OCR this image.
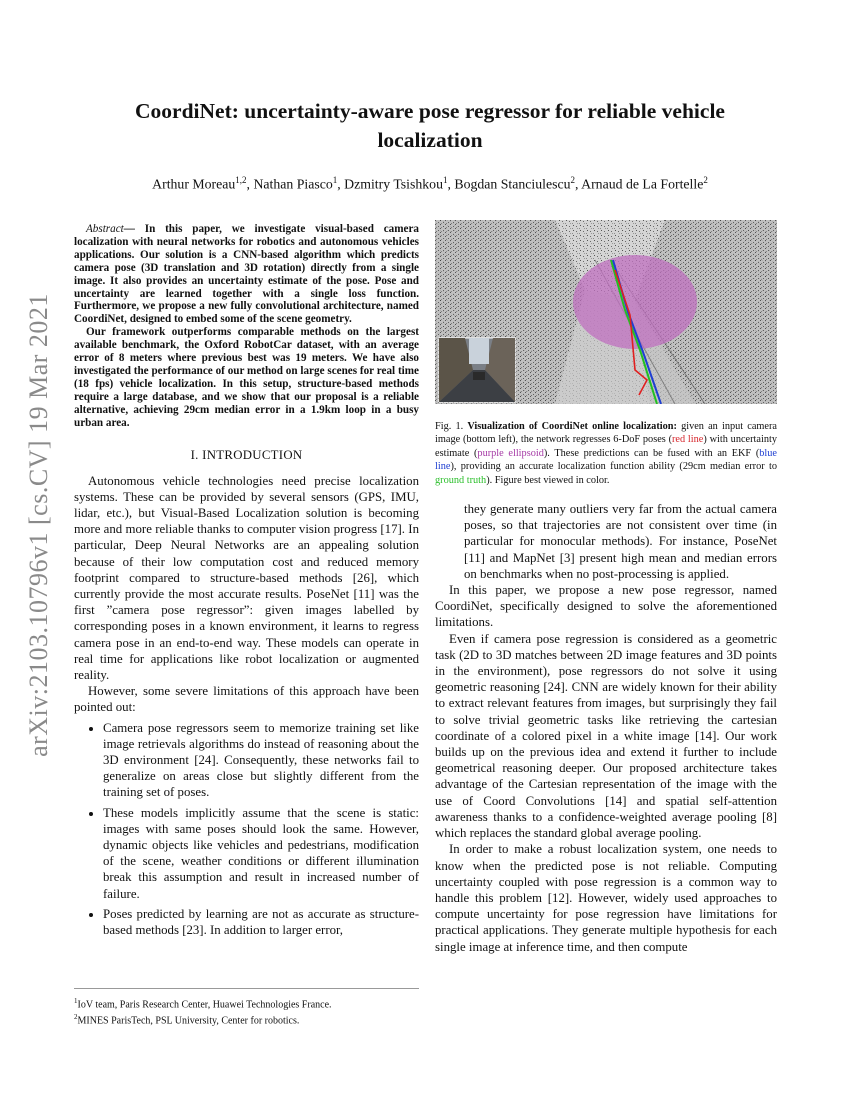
arXiv:2103.10796v1 [cs.CV] 19 Mar 2021
CoordiNet: uncertainty-aware pose regressor for reliable vehicle localization
Arthur Moreau$^{1,2}$, Nathan Piasco$^1$, Dzmitry Tsishkou$^1$, Bogdan Stanciulescu$^2$, Arnaud de La Fortelle$^2$

Abstract— In this paper, we investigate visual-based camera localization with neural networks for robotics and autonomous vehicles applications. Our solution is a CNN-based algorithm which predicts camera pose (3D translation and 3D rotation) directly from a single image. It also provides an uncertainty estimate of the pose. Pose and uncertainty are learned together with a single loss function. Furthermore, we propose a new fully convolutional architecture, named CoordiNet, designed to embed some of the scene geometry.

Our framework outperforms comparable methods on the largest available benchmark, the Oxford RobotCar dataset, with an average error of 8 meters where previous best was 19 meters. We have also investigated the performance of our method on large scenes for real time (18 fps) vehicle localization. In this setup, structure-based methods require a large database, and we show that our proposal is a reliable alternative, achieving 29cm median error in a 1.9km loop in a busy urban area.

I. INTRODUCTION

Autonomous vehicle technologies need precise localization systems. These can be provided by several sensors (GPS, IMU, lidar, etc.), but Visual-Based Localization solution is becoming more and more reliable thanks to computer vision progress [17]. In particular, Deep Neural Networks are an appealing solution because of their low computation cost and reduced memory footprint compared to structure-based methods [26], which currently provide the most accurate results. PoseNet [11] was the first ”camera pose regressor”: given images labelled by corresponding poses in a known environment, it learns to regress camera pose in an end-to-end way. These models can operate in real time for applications like robot localization or augmented reality.

However, some severe limitations of this approach have been pointed out:

• Camera pose regressors seem to memorize training set like image retrievals algorithms do instead of reasoning about the 3D environment [24]. Consequently, these networks fail to generalize on areas close but slightly different from the training set of poses.
• These models implicitly assume that the scene is static: images with same poses should look the same. However, dynamic objects like vehicles and pedestrians, modification of the scene, weather conditions or different illumination break this assumption and result in increased number of failure.
• Poses predicted by learning are not as accurate as structure-based methods [23]. In addition to larger error,
$^1$IoV team, Paris Research Center, Huawei Technologies France.
$^2$MINES ParisTech, PSL University, Center for robotics.
Fig. 1. Visualization of CoordiNet online localization: given an input camera image (bottom left), the network regresses 6-DoF poses (red line) with uncertainty estimate (purple ellipsoid). These predictions can be fused with an EKF (blue line), providing an accurate localization function ability (29cm median error to ground truth). Figure best viewed in color.
they generate many outliers very far from the actual camera poses, so that trajectories are not consistent over time (in particular for monocular methods). For instance, PoseNet [11] and MapNet [3] present high mean and median errors on benchmarks when no post-processing is applied.

In this paper, we propose a new pose regressor, named CoordiNet, specifically designed to solve the aforementioned limitations.

Even if camera pose regression is considered as a geometric task (2D to 3D matches between 2D image features and 3D points in the environment), pose regressors do not solve it using geometric reasoning [24]. CNN are widely known for their ability to extract relevant features from images, but surprisingly they fail to solve trivial geometric tasks like retrieving the cartesian coordinate of a colored pixel in a white image [14]. Our work builds up on the previous idea and extend it further to include geometrical reasoning deeper. Our proposed architecture takes advantage of the Cartesian representation of the image with the use of Coord Convolutions [14] and spatial self-attention awareness thanks to a confidence-weighted average pooling [8] which replaces the standard global average pooling.

In order to make a robust localization system, one needs to know when the predicted pose is not reliable. Computing uncertainty coupled with pose regression is a common way to handle this problem [12]. However, widely used approaches to compute uncertainty for pose regression have limitations for practical applications. They generate multiple hypothesis for each single image at inference time, and then compute
